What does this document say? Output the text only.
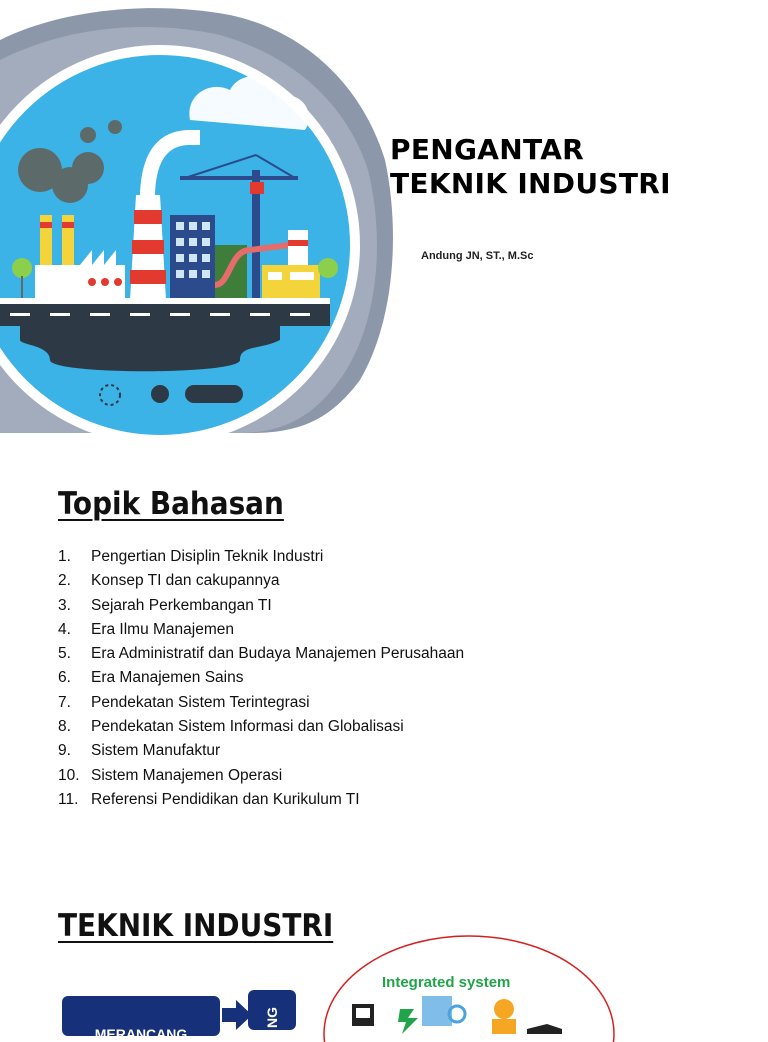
PENGANTAR
TEKNIK INDUSTRI
Andung JN, ST., M.Sc
Topik Bahasan
1. Pengertian Disiplin Teknik Industri
2. Konsep TI dan cakupannya
3. Sejarah Perkembangan TI
4. Era Ilmu Manajemen
5. Era Administratif dan Budaya Manajemen Perusahaan
6. Era Manajemen Sains
7. Pendekatan Sistem Terintegrasi
8. Pendekatan Sistem Informasi dan Globalisasi
9. Sistem Manufaktur
10. Sistem Manajemen Operasi
11. Referensi Pendidikan dan Kurikulum TI
TEKNIK INDUSTRI
MERANCANG
NG
Integrated system
